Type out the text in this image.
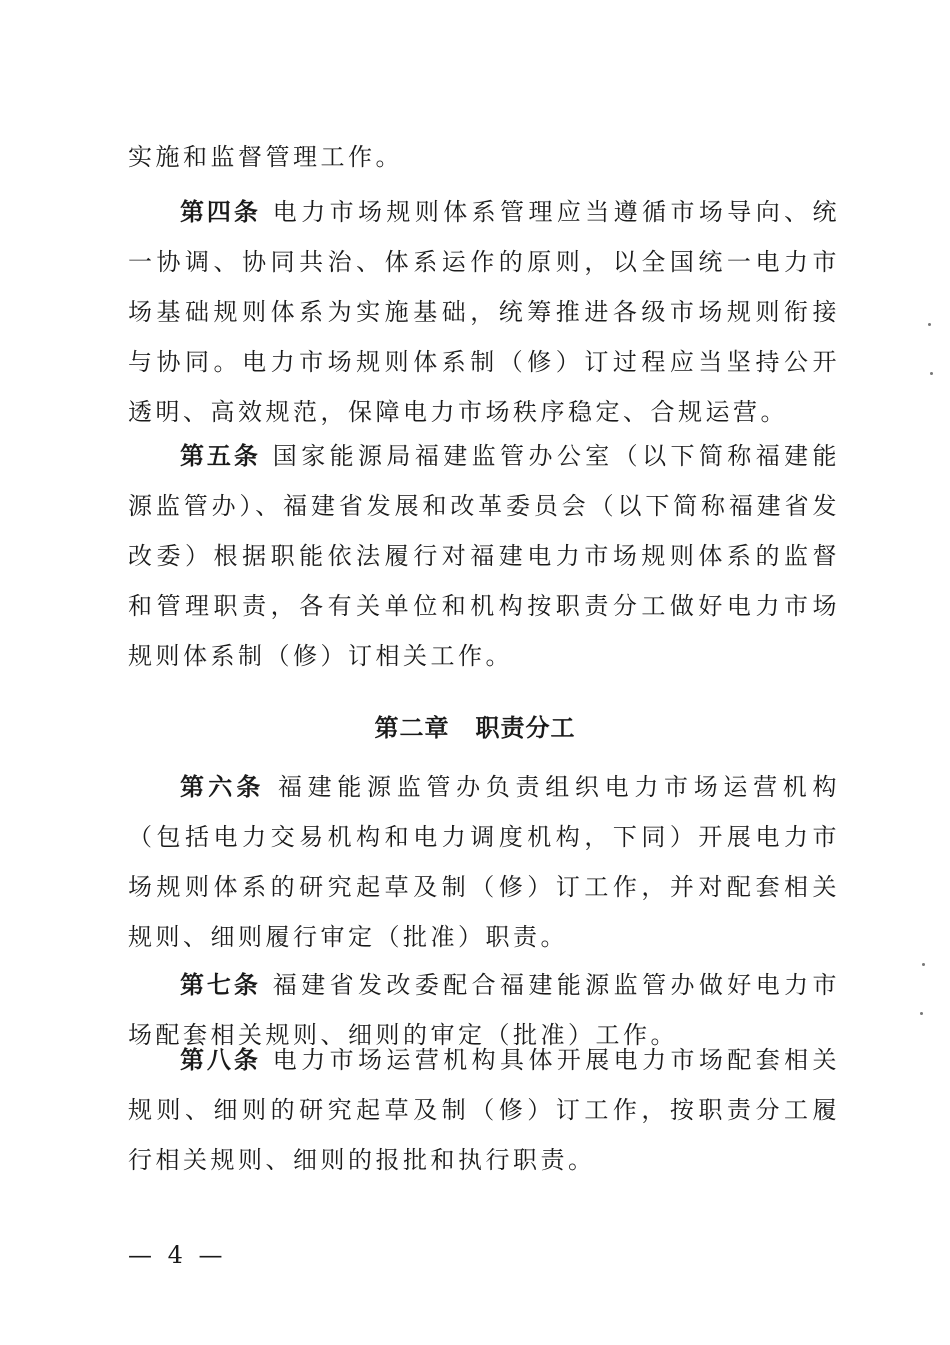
实施和监督管理工作。

第四条 电力市场规则体系管理应当遵循市场导向、统一协调、协同共治、体系运作的原则，以全国统一电力市场基础规则体系为实施基础，统筹推进各级市场规则衔接与协同。电力市场规则体系制（修）订过程应当坚持公开透明、高效规范，保障电力市场秩序稳定、合规运营。

第五条 国家能源局福建监管办公室（以下简称福建能源监管办）、福建省发展和改革委员会（以下简称福建省发改委）根据职能依法履行对福建电力市场规则体系的监督和管理职责，各有关单位和机构按职责分工做好电力市场规则体系制（修）订相关工作。

第二章 职责分工

第六条 福建能源监管办负责组织电力市场运营机构（包括电力交易机构和电力调度机构，下同）开展电力市场规则体系的研究起草及制（修）订工作，并对配套相关规则、细则履行审定（批准）职责。

第七条 福建省发改委配合福建能源监管办做好电力市场配套相关规则、细则的审定（批准）工作。

第八条 电力市场运营机构具体开展电力市场配套相关规则、细则的研究起草及制（修）订工作，按职责分工履行相关规则、细则的报批和执行职责。

— 4 —
